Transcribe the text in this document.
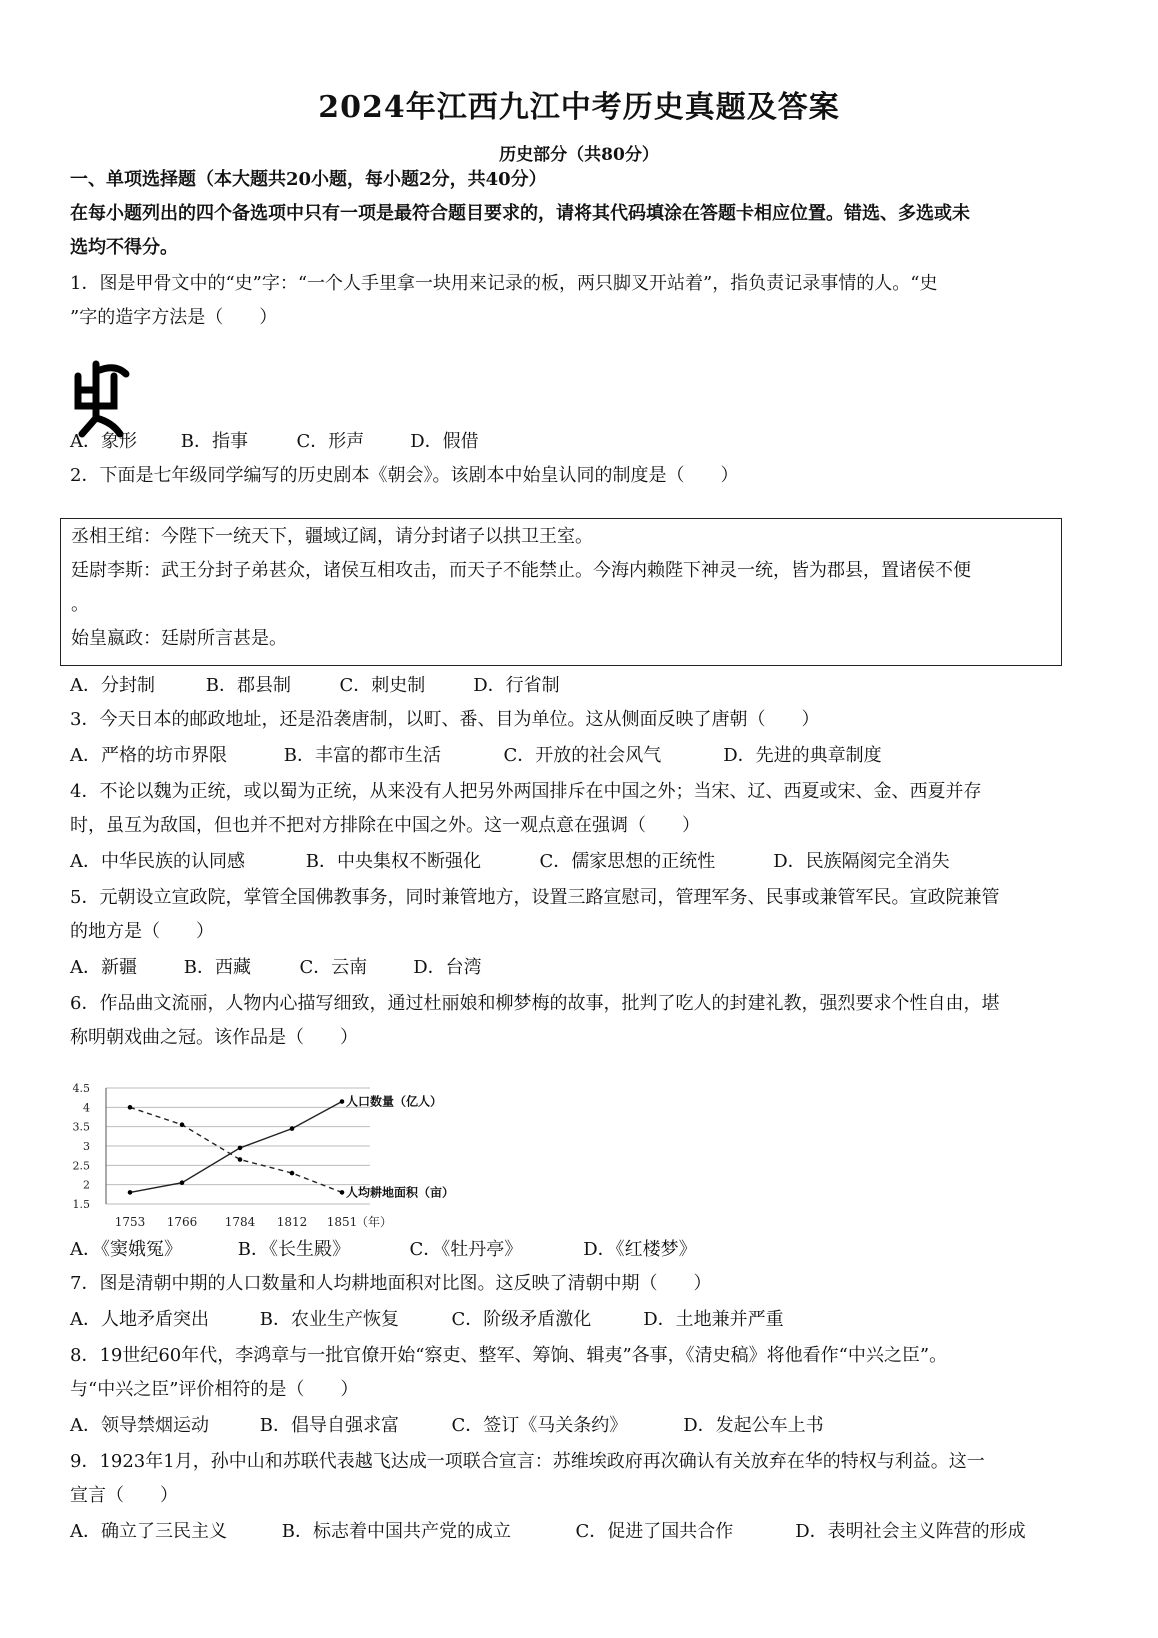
2024年江西九江中考历史真题及答案
历史部分（共80分）
一、单项选择题（本大题共20小题，每小题2分，共40分）
在每小题列出的四个备选项中只有一项是最符合题目要求的，请将其代码填涂在答题卡相应位置。错选、多选或未
选均不得分。
1．图是甲骨文中的“史”字：“一个人手里拿一块用来记录的板，两只脚叉开站着”，指负责记录事情的人。“史
”字的造字方法是（　　）
A．象形 B．指事	C．形声	D．假借
2．下面是七年级同学编写的历史剧本《朝会》。该剧本中始皇认同的制度是（　　）
丞相王绾：今陛下一统天下，疆域辽阔，请分封诸子以拱卫王室。
廷尉李斯：武王分封子弟甚众，诸侯互相攻击，而天子不能禁止。今海内赖陛下神灵一统，皆为郡县，置诸侯不便
。
始皇嬴政：廷尉所言甚是。
A．分封制	B．郡县制	C．刺史制	D．行省制
3．今天日本的邮政地址，还是沿袭唐制，以町、番、目为单位。这从侧面反映了唐朝（　　）
A．严格的坊市界限	B．丰富的都市生活	C．开放的社会风气	D．先进的典章制度
4．不论以魏为正统，或以蜀为正统，从来没有人把另外两国排斥在中国之外；当宋、辽、西夏或宋、金、西夏并存
时，虽互为敌国，但也并不把对方排除在中国之外。这一观点意在强调（　　）
A．中华民族的认同感	B．中央集权不断强化	C．儒家思想的正统性	D．民族隔阂完全消失
5．元朝设立宣政院，掌管全国佛教事务，同时兼管地方，设置三路宣慰司，管理军务、民事或兼管军民。宣政院兼管
的地方是（　　）
A．新疆	B．西藏	C．云南	D．台湾
6．作品曲文流丽，人物内心描写细致，通过杜丽娘和柳梦梅的故事，批判了吃人的封建礼教，强烈要求个性自由，堪
称明朝戏曲之冠。该作品是（　　）
1.5
2
2.5
3
3.5
4
4.5
1753 1766 1784 1812 1851
（年）
人口数量（亿人）
人均耕地面积（亩）
A．《窦娥冤》	B．《长生殿》	C．《牡丹亭》	D．《红楼梦》
7．图是清朝中期的人口数量和人均耕地面积对比图。这反映了清朝中期（　　）
A．人地矛盾突出	B．农业生产恢复	C．阶级矛盾激化	D．土地兼并严重
8．19世纪60年代，李鸿章与一批官僚开始“察吏、整军、筹饷、辑夷”各事，《清史稿》将他看作“中兴之臣”。
与“中兴之臣”评价相符的是（　　）
A．领导禁烟运动	B．倡导自强求富	C．签订《马关条约》	D．发起公车上书
9．1923年1月，孙中山和苏联代表越飞达成一项联合宣言：苏维埃政府再次确认有关放弃在华的特权与利益。这一
宣言（　　）
A．确立了三民主义	B．标志着中国共产党的成立	C．促进了国共合作	D．表明社会主义阵营的形成
